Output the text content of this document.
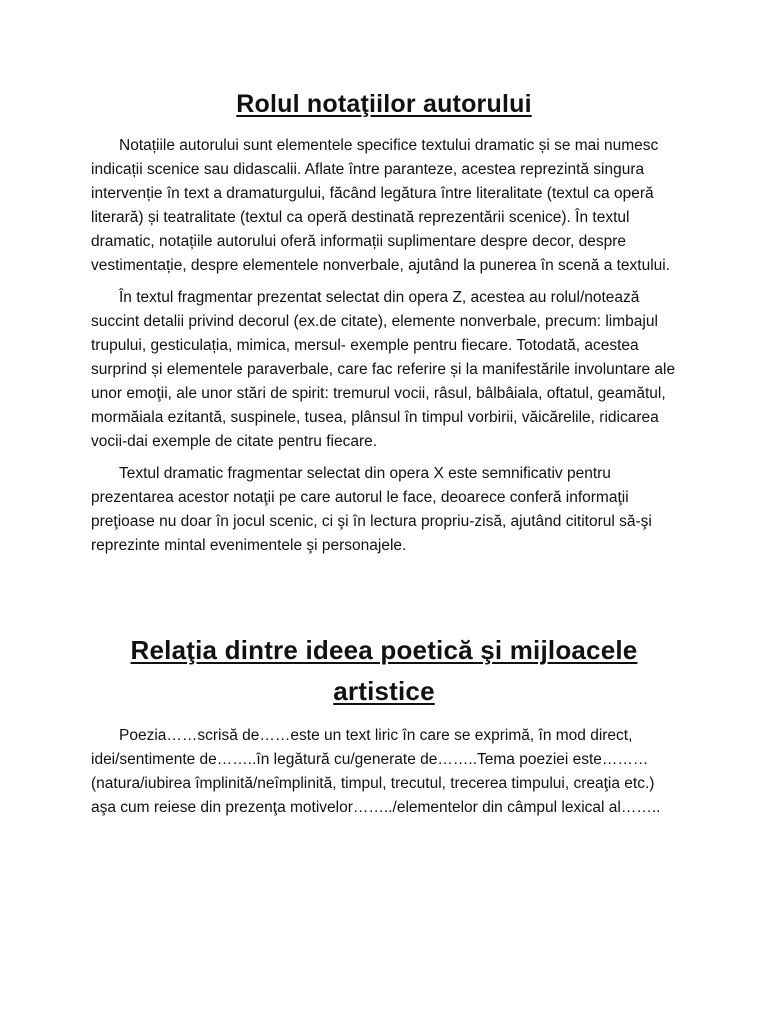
Rolul notaţiilor autorului

Notațiile autorului sunt elementele specifice textului dramatic și se mai numesc indicații scenice sau didascalii. Aflate între paranteze, acestea reprezintă singura intervenție în text a dramaturgului, făcând legătura între literalitate (textul ca operă literară) și teatralitate (textul ca operă destinată reprezentării scenice). În textul dramatic, notațiile autorului oferă informații suplimentare despre decor, despre vestimentație, despre elementele nonverbale, ajutând la punerea în scenă a textului.

În textul fragmentar prezentat selectat din opera Z, acestea au rolul/notează succint detalii privind decorul (ex.de citate), elemente nonverbale, precum: limbajul trupului, gesticulația, mimica, mersul- exemple pentru fiecare. Totodată, acestea surprind și elementele paraverbale, care fac referire și la manifestările involuntare ale unor emoţii, ale unor stări de spirit: tremurul vocii, râsul, bâlbâiala, oftatul, geamătul, mormăiala ezitantă, suspinele, tusea, plânsul în timpul vorbirii, văicărelile, ridicarea vocii-dai exemple de citate pentru fiecare.

Textul dramatic fragmentar selectat din opera X este semnificativ pentru prezentarea acestor notaţii pe care autorul le face, deoarece conferă informaţii preţioase nu doar în jocul scenic, ci şi în lectura propriu-zisă, ajutând cititorul să-şi reprezinte mintal evenimentele şi personajele.

Relaţia dintre ideea poetică şi mijloacele artistice

Poezia……scrisă de……este un text liric în care se exprimă, în mod direct, idei/sentimente de……..în legătură cu/generate de……..Tema poeziei este……… (natura/iubirea împlinită/neîmplinită, timpul, trecutul, trecerea timpului, creaţia etc.) aşa cum reiese din prezenţa motivelor……../elementelor din câmpul lexical al……..
